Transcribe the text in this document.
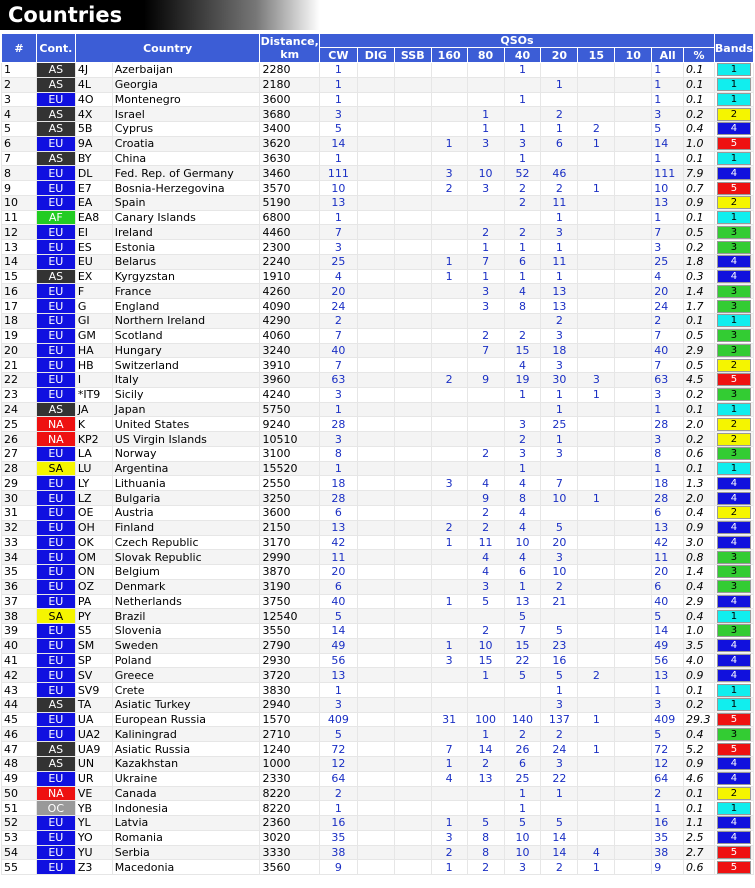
Countries
#	Cont.	Country		Distance, km	QSOs											Bands
					CW	DIG	SSB	160	80	40	20	15	10	All	%	
1	AS	4J	Azerbaijan	2280	1					1				1	0.1	1

2	AS	4L	Georgia	2180	1						1			1	0.1	1

3	EU	4O	Montenegro	3600	1					1				1	0.1	1

4	AS	4X	Israel	3680	3				1		2			3	0.2	2

5	AS	5B	Cyprus	3400	5				1	1	1	2		5	0.4	4

6	EU	9A	Croatia	3620	14			1	3	3	6	1		14	1.0	5

7	AS	BY	China	3630	1					1				1	0.1	1

8	EU	DL	Fed. Rep. of Germany	3460	111			3	10	52	46			111	7.9	4

9	EU	E7	Bosnia-Herzegovina	3570	10			2	3	2	2	1		10	0.7	5

10	EU	EA	Spain	5190	13					2	11			13	0.9	2

11	AF	EA8	Canary Islands	6800	1						1			1	0.1	1

12	EU	EI	Ireland	4460	7				2	2	3			7	0.5	3

13	EU	ES	Estonia	2300	3				1	1	1			3	0.2	3

14	EU	EU	Belarus	2240	25			1	7	6	11			25	1.8	4

15	AS	EX	Kyrgyzstan	1910	4			1	1	1	1			4	0.3	4

16	EU	F	France	4260	20				3	4	13			20	1.4	3

17	EU	G	England	4090	24				3	8	13			24	1.7	3

18	EU	GI	Northern Ireland	4290	2						2			2	0.1	1

19	EU	GM	Scotland	4060	7				2	2	3			7	0.5	3

20	EU	HA	Hungary	3240	40				7	15	18			40	2.9	3

21	EU	HB	Switzerland	3910	7					4	3			7	0.5	2

22	EU	I	Italy	3960	63			2	9	19	30	3		63	4.5	5

23	EU	*IT9	Sicily	4240	3					1	1	1		3	0.2	3

24	AS	JA	Japan	5750	1						1			1	0.1	1

25	NA	K	United States	9240	28					3	25			28	2.0	2

26	NA	KP2	US Virgin Islands	10510	3					2	1			3	0.2	2

27	EU	LA	Norway	3100	8				2	3	3			8	0.6	3

28	SA	LU	Argentina	15520	1					1				1	0.1	1

29	EU	LY	Lithuania	2550	18			3	4	4	7			18	1.3	4

30	EU	LZ	Bulgaria	3250	28				9	8	10	1		28	2.0	4

31	EU	OE	Austria	3600	6				2	4				6	0.4	2

32	EU	OH	Finland	2150	13			2	2	4	5			13	0.9	4

33	EU	OK	Czech Republic	3170	42			1	11	10	20			42	3.0	4

34	EU	OM	Slovak Republic	2990	11				4	4	3			11	0.8	3

35	EU	ON	Belgium	3870	20				4	6	10			20	1.4	3

36	EU	OZ	Denmark	3190	6				3	1	2			6	0.4	3

37	EU	PA	Netherlands	3750	40			1	5	13	21			40	2.9	4

38	SA	PY	Brazil	12540	5					5				5	0.4	1

39	EU	S5	Slovenia	3550	14				2	7	5			14	1.0	3

40	EU	SM	Sweden	2790	49			1	10	15	23			49	3.5	4

41	EU	SP	Poland	2930	56			3	15	22	16			56	4.0	4

42	EU	SV	Greece	3720	13				1	5	5	2		13	0.9	4

43	EU	SV9	Crete	3830	1						1			1	0.1	1

44	AS	TA	Asiatic Turkey	2940	3						3			3	0.2	1

45	EU	UA	European Russia	1570	409			31	100	140	137	1		409	29.3	5

46	EU	UA2	Kaliningrad	2710	5				1	2	2			5	0.4	3

47	AS	UA9	Asiatic Russia	1240	72			7	14	26	24	1		72	5.2	5

48	AS	UN	Kazakhstan	1000	12			1	2	6	3			12	0.9	4

49	EU	UR	Ukraine	2330	64			4	13	25	22			64	4.6	4

50	NA	VE	Canada	8220	2					1	1			2	0.1	2

51	OC	YB	Indonesia	8220	1					1				1	0.1	1

52	EU	YL	Latvia	2360	16			1	5	5	5			16	1.1	4

53	EU	YO	Romania	3020	35			3	8	10	14			35	2.5	4

54	EU	YU	Serbia	3330	38			2	8	10	14	4		38	2.7	5

55	EU	Z3	Macedonia	3560	9			1	2	3	2	1		9	0.6	5
